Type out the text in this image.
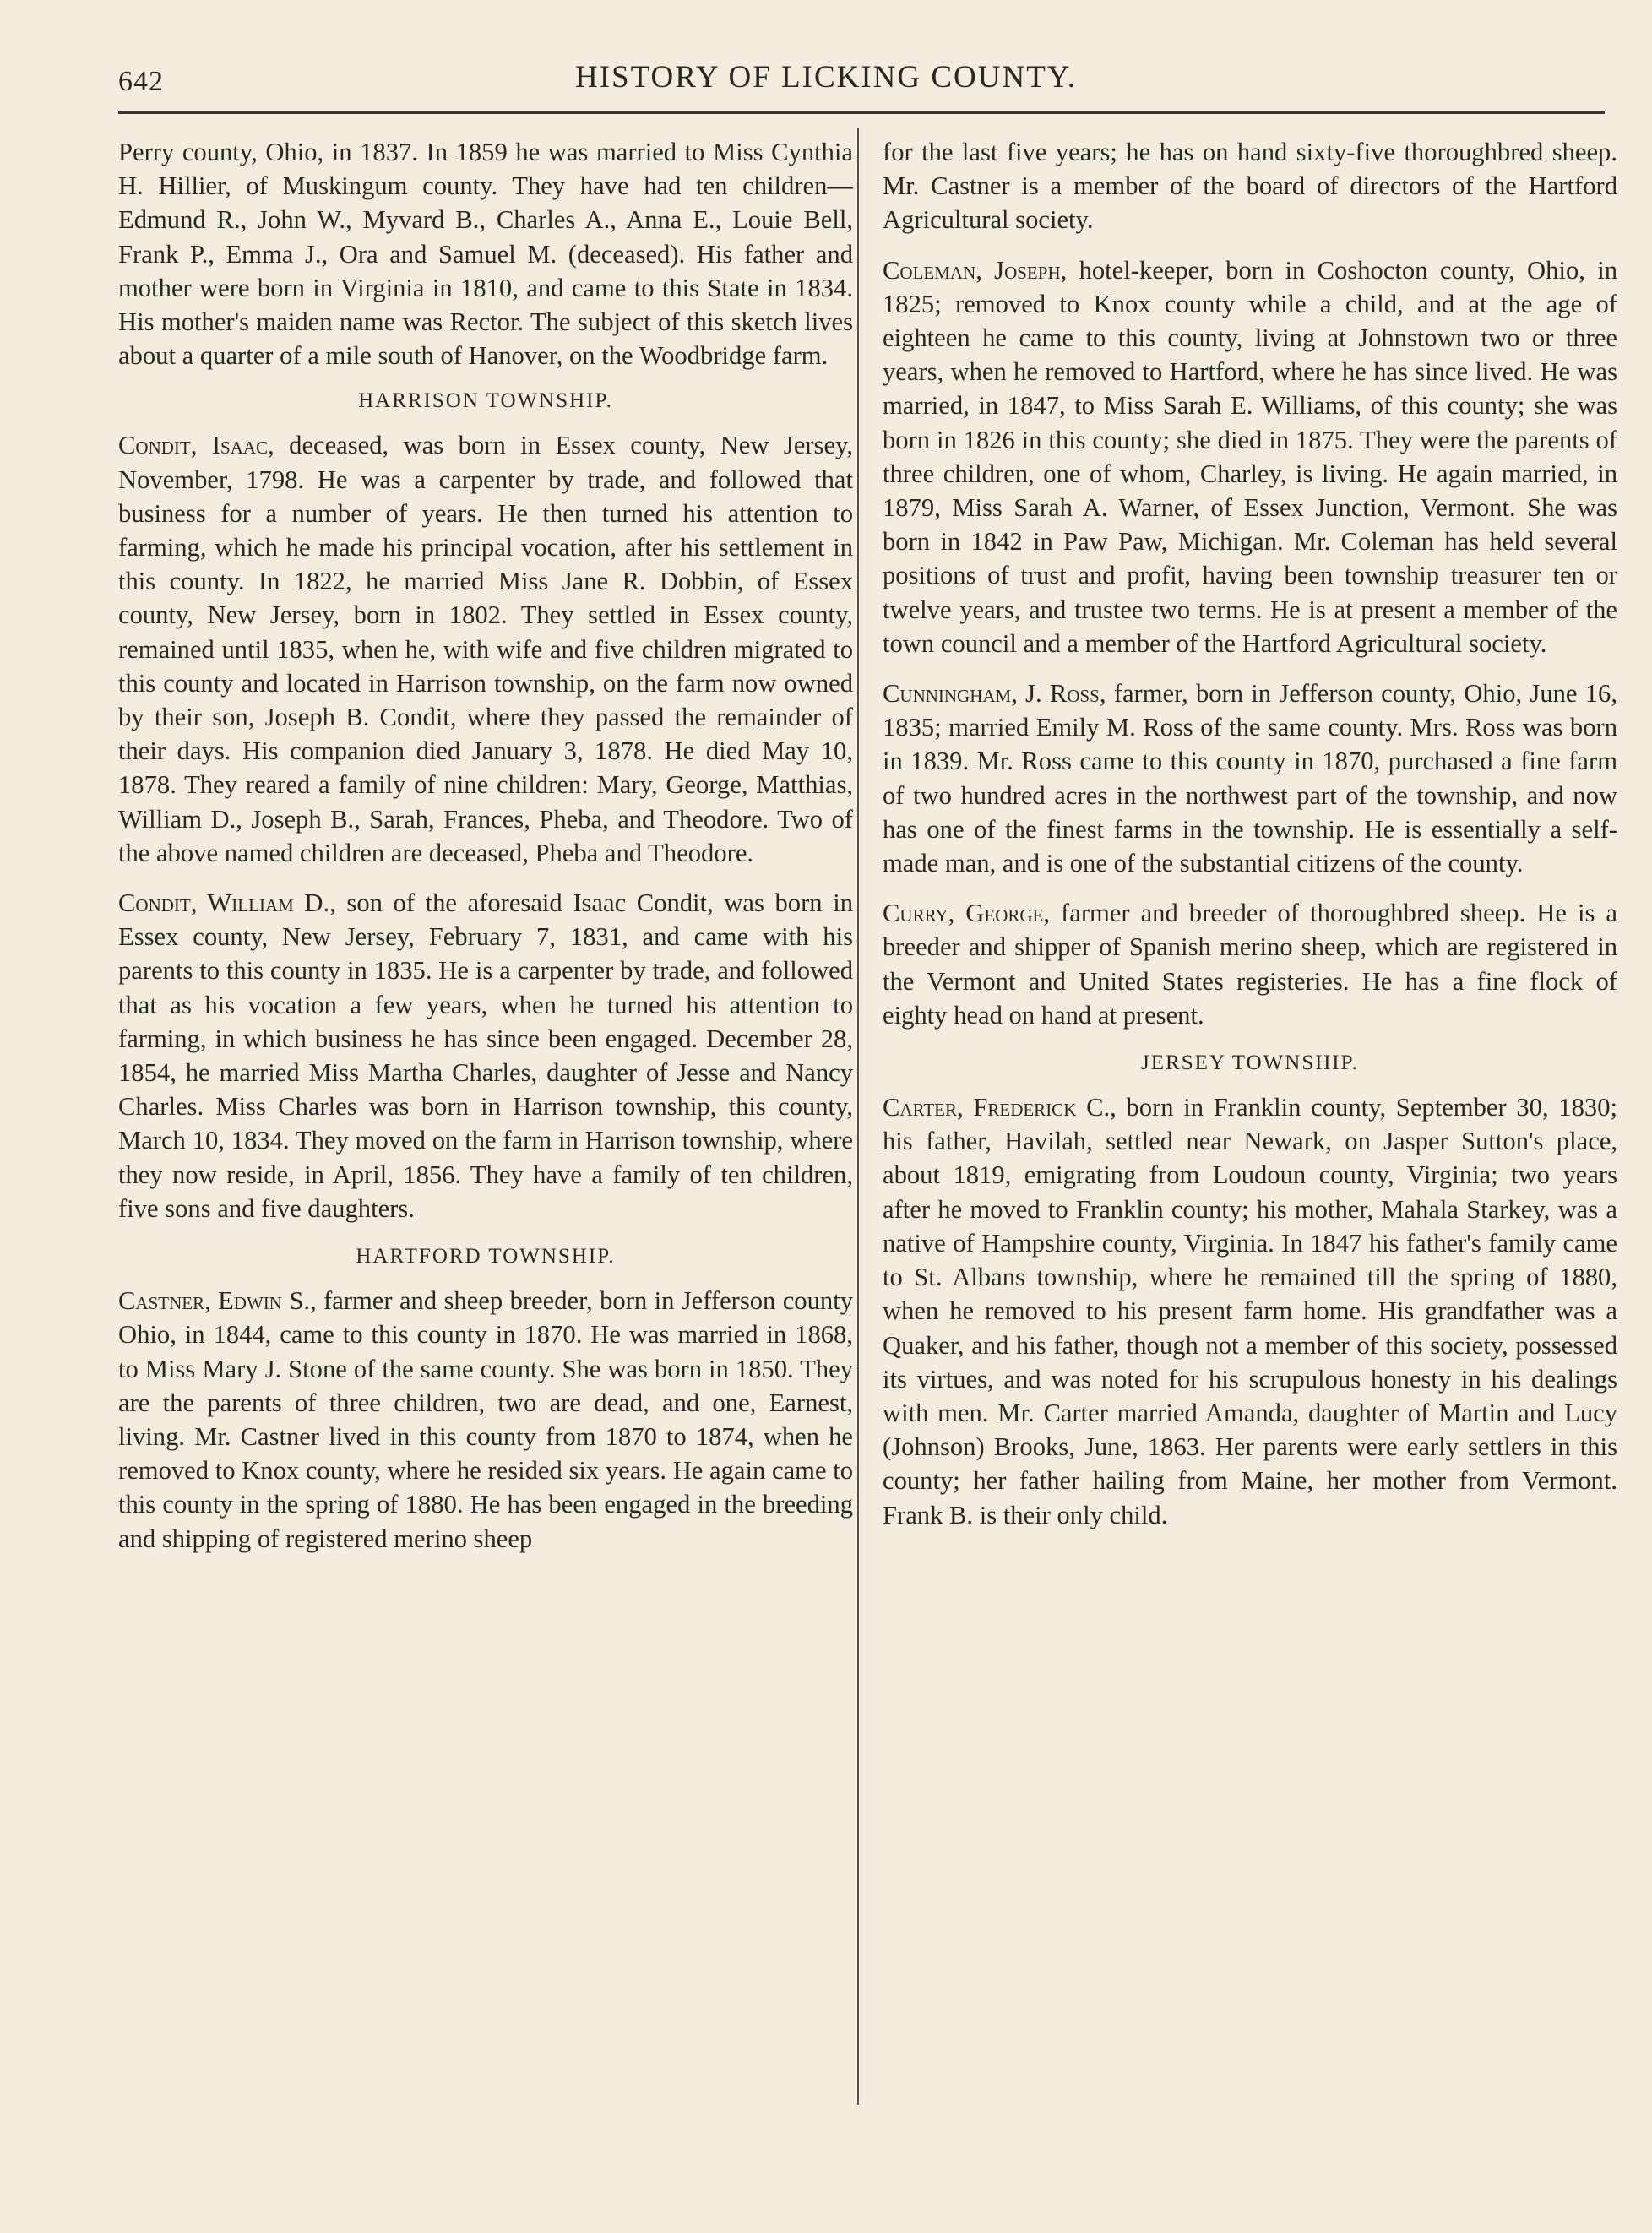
642	HISTORY OF LICKING COUNTY.

Perry county, Ohio, in 1837. In 1859 he was married to Miss Cynthia H. Hillier, of Muskingum county. They have had ten children—Edmund R., John W., Myvard B., Charles A., Anna E., Louie Bell, Frank P., Emma J., Ora and Samuel M. (deceased). His father and mother were born in Virginia in 1810, and came to this State in 1834. His mother's maiden name was Rector. The subject of this sketch lives about a quarter of a mile south of Hanover, on the Woodbridge farm.

HARRISON TOWNSHIP.

Condit, Isaac, deceased, was born in Essex county, New Jersey, November, 1798. He was a carpenter by trade, and followed that business for a number of years. He then turned his attention to farming, which he made his principal vocation, after his settlement in this county. In 1822, he married Miss Jane R. Dobbin, of Essex county, New Jersey, born in 1802. They settled in Essex county, remained until 1835, when he, with wife and five children migrated to this county and located in Harrison township, on the farm now owned by their son, Joseph B. Condit, where they passed the remainder of their days. His companion died January 3, 1878. He died May 10, 1878. They reared a family of nine children: Mary, George, Matthias, William D., Joseph B., Sarah, Frances, Pheba, and Theodore. Two of the above named children are deceased, Pheba and Theodore.

Condit, William D., son of the aforesaid Isaac Condit, was born in Essex county, New Jersey, February 7, 1831, and came with his parents to this county in 1835. He is a carpenter by trade, and followed that as his vocation a few years, when he turned his attention to farming, in which business he has since been engaged. December 28, 1854, he married Miss Martha Charles, daughter of Jesse and Nancy Charles. Miss Charles was born in Harrison township, this county, March 10, 1834. They moved on the farm in Harrison township, where they now reside, in April, 1856. They have a family of ten children, five sons and five daughters.

HARTFORD TOWNSHIP.

Castner, Edwin S., farmer and sheep breeder, born in Jefferson county Ohio, in 1844, came to this county in 1870. He was married in 1868, to Miss Mary J. Stone of the same county. She was born in 1850. They are the parents of three children, two are dead, and one, Earnest, living. Mr. Castner lived in this county from 1870 to 1874, when he removed to Knox county, where he resided six years. He again came to this county in the spring of 1880. He has been engaged in the breeding and shipping of registered merino sheep

for the last five years; he has on hand sixty-five thoroughbred sheep. Mr. Castner is a member of the board of directors of the Hartford Agricultural society.

Coleman, Joseph, hotel-keeper, born in Coshocton county, Ohio, in 1825; removed to Knox county while a child, and at the age of eighteen he came to this county, living at Johnstown two or three years, when he removed to Hartford, where he has since lived. He was married, in 1847, to Miss Sarah E. Williams, of this county; she was born in 1826 in this county; she died in 1875. They were the parents of three children, one of whom, Charley, is living. He again married, in 1879, Miss Sarah A. Warner, of Essex Junction, Vermont. She was born in 1842 in Paw Paw, Michigan. Mr. Coleman has held several positions of trust and profit, having been township treasurer ten or twelve years, and trustee two terms. He is at present a member of the town council and a member of the Hartford Agricultural society.

Cunningham, J. Ross, farmer, born in Jefferson county, Ohio, June 16, 1835; married Emily M. Ross of the same county. Mrs. Ross was born in 1839. Mr. Ross came to this county in 1870, purchased a fine farm of two hundred acres in the northwest part of the township, and now has one of the finest farms in the township. He is essentially a self-made man, and is one of the substantial citizens of the county.

Curry, George, farmer and breeder of thoroughbred sheep. He is a breeder and shipper of Spanish merino sheep, which are registered in the Vermont and United States registeries. He has a fine flock of eighty head on hand at present.

JERSEY TOWNSHIP.

Carter, Frederick C., born in Franklin county, September 30, 1830; his father, Havilah, settled near Newark, on Jasper Sutton's place, about 1819, emigrating from Loudoun county, Virginia; two years after he moved to Franklin county; his mother, Mahala Starkey, was a native of Hampshire county, Virginia. In 1847 his father's family came to St. Albans township, where he remained till the spring of 1880, when he removed to his present farm home. His grandfather was a Quaker, and his father, though not a member of this society, possessed its virtues, and was noted for his scrupulous honesty in his dealings with men. Mr. Carter married Amanda, daughter of Martin and Lucy (Johnson) Brooks, June, 1863. Her parents were early settlers in this county; her father hailing from Maine, her mother from Vermont. Frank B. is their only child.
